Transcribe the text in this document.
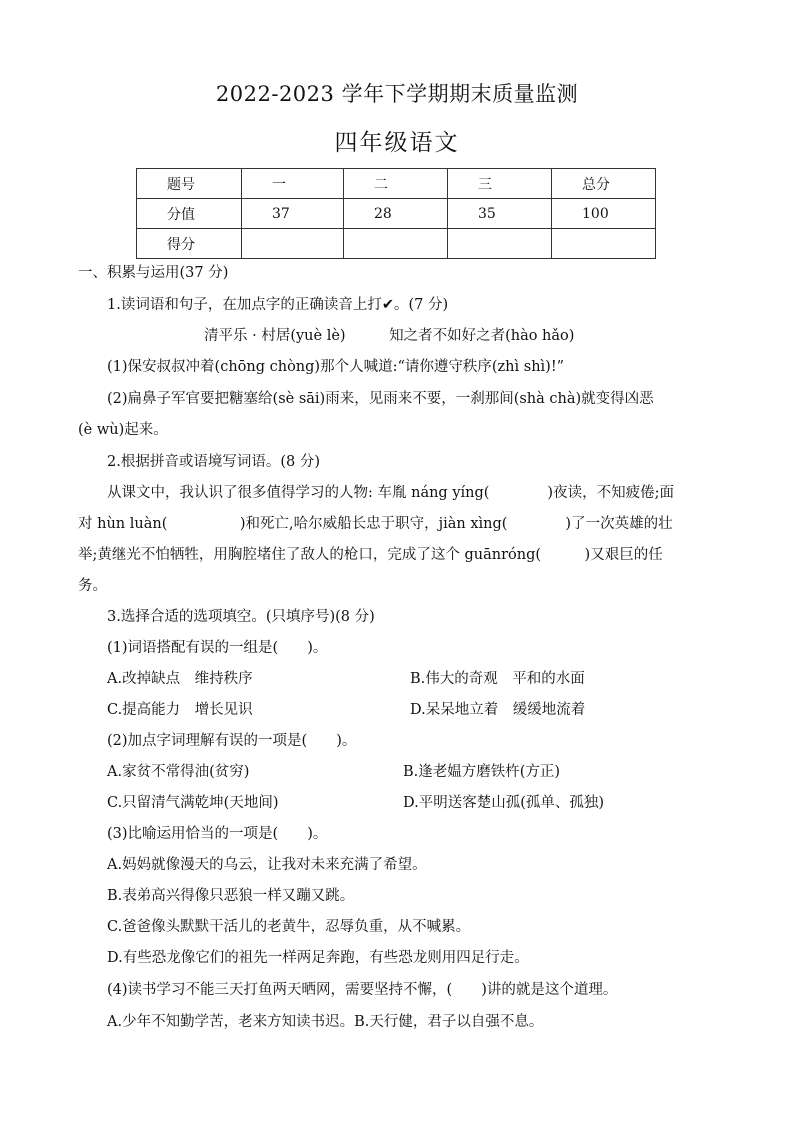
2022-2023 学年下学期期末质量监测
四年级语文
题号	一	二	三	总分
分值	37	28	35	100
得分				
一、积累与运用(37 分)
1.读词语和句子，在加点字的正确读音上打✔。(7 分)
清平乐 · 村居(yuè lè)　　　知之者不如好之者(hào hǎo)
(1)保安叔叔冲着(chōng chòng)那个人喊道:“请你遵守秩序(zhì shì)!”
(2)扁鼻子军官要把糖塞给(sè sāi)雨来，见雨来不要，一刹那间(shà chà)就变得凶恶
(è wù)起来。
2.根据拼音或语境写词语。(8 分)
从课文中，我认识了很多值得学习的人物: 车胤 náng yíng(　　　　)夜读，不知疲倦;面
对 hùn luàn(　　　　　)和死亡,哈尔威船长忠于职守，jiàn xìng(　　　　)了一次英雄的壮
举;黄继光不怕牺牲，用胸腔堵住了敌人的枪口，完成了这个 guānróng(　　　)又艰巨的任
务。
3.选择合适的选项填空。(只填序号)(8 分)
(1)词语搭配有误的一组是(　　)。
A.改掉缺点　维持秩序	B.伟大的奇观　平和的水面
C.提高能力　增长见识	D.呆呆地立着　缓缓地流着
(2)加点字词理解有误的一项是(　　)。
A.家贫不常得油(贫穷)	B.逢老媪方磨铁杵(方正)
C.只留清气满乾坤(天地间)	D.平明送客楚山孤(孤单、孤独)
(3)比喻运用恰当的一项是(　　)。
A.妈妈就像漫天的乌云，让我对未来充满了希望。
B.表弟高兴得像只恶狼一样又蹦又跳。
C.爸爸像头默默干活儿的老黄牛，忍辱负重，从不喊累。
D.有些恐龙像它们的祖先一样两足奔跑，有些恐龙则用四足行走。
(4)读书学习不能三天打鱼两天晒网，需要坚持不懈，(　　)讲的就是这个道理。
A.少年不知勤学苦，老来方知读书迟。B.天行健，君子以自强不息。
